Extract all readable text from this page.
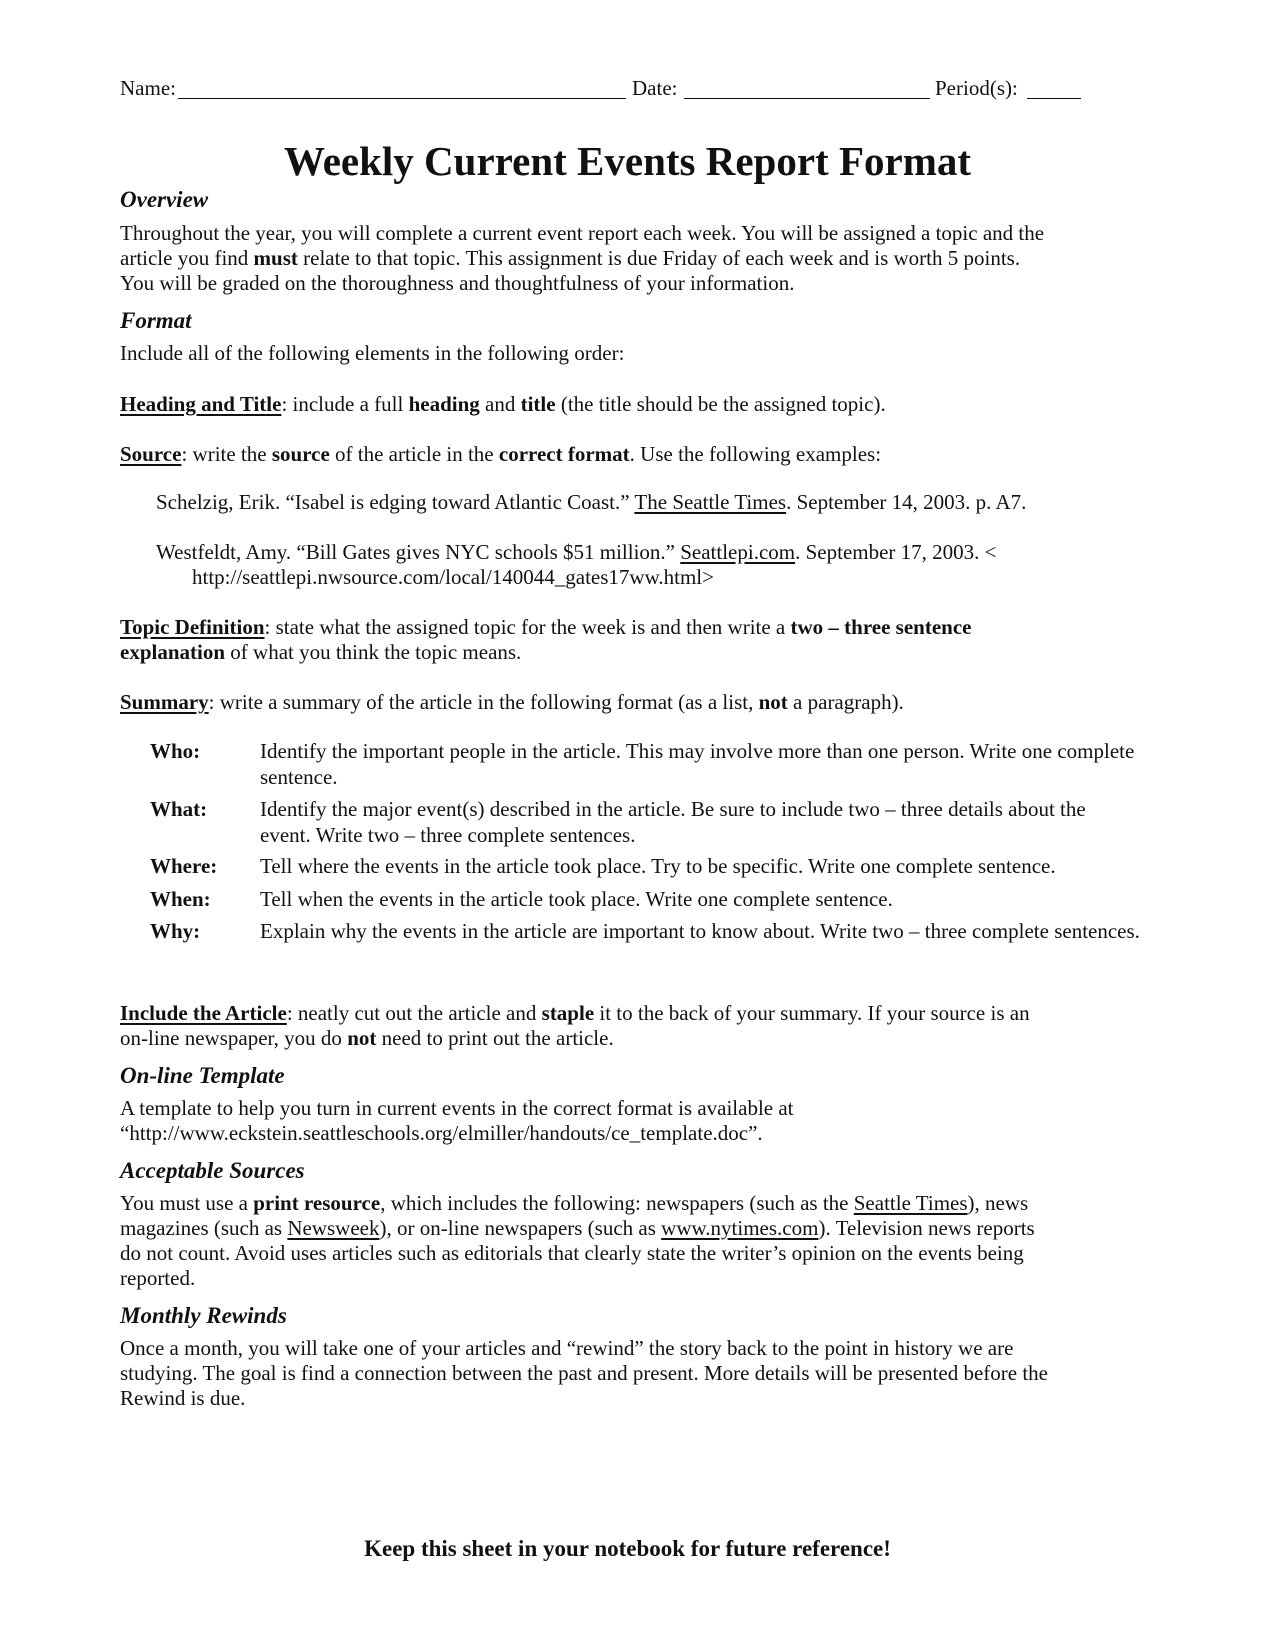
Name:	Date:	Period(s):
Weekly Current Events Report Format
Overview
Throughout the year, you will complete a current event report each week. You will be assigned a topic and the
article you find must relate to that topic. This assignment is due Friday of each week and is worth 5 points.
You will be graded on the thoroughness and thoughtfulness of your information.
Format
Include all of the following elements in the following order:
Heading and Title: include a full heading and title (the title should be the assigned topic).
Source: write the source of the article in the correct format. Use the following examples:
Schelzig, Erik. “Isabel is edging toward Atlantic Coast.” The Seattle Times. September 14, 2003. p. A7.
Westfeldt, Amy. “Bill Gates gives NYC schools $51 million.” Seattlepi.com. September 17, 2003. <
http://seattlepi.nwsource.com/local/140044_gates17ww.html>
Topic Definition: state what the assigned topic for the week is and then write a two – three sentence
explanation of what you think the topic means.
Summary: write a summary of the article in the following format (as a list, not a paragraph).
Who:	Identify the important people in the article. This may involve more than one person. Write one complete sentence.
What:	Identify the major event(s) described in the article. Be sure to include two – three details about the event. Write two – three complete sentences.
Where: Tell where the events in the article took place. Try to be specific. Write one complete sentence.
When: Tell when the events in the article took place. Write one complete sentence.
Why:	Explain why the events in the article are important to know about. Write two – three complete sentences.
Include the Article: neatly cut out the article and staple it to the back of your summary. If your source is an
on-line newspaper, you do not need to print out the article.
On-line Template
A template to help you turn in current events in the correct format is available at
“http://www.eckstein.seattleschools.org/elmiller/handouts/ce_template.doc”.
Acceptable Sources
You must use a print resource, which includes the following: newspapers (such as the Seattle Times), news
magazines (such as Newsweek), or on-line newspapers (such as www.nytimes.com). Television news reports
do not count. Avoid uses articles such as editorials that clearly state the writer’s opinion on the events being
reported.
Monthly Rewinds
Once a month, you will take one of your articles and “rewind” the story back to the point in history we are
studying. The goal is find a connection between the past and present. More details will be presented before the
Rewind is due.
Keep this sheet in your notebook for future reference!
